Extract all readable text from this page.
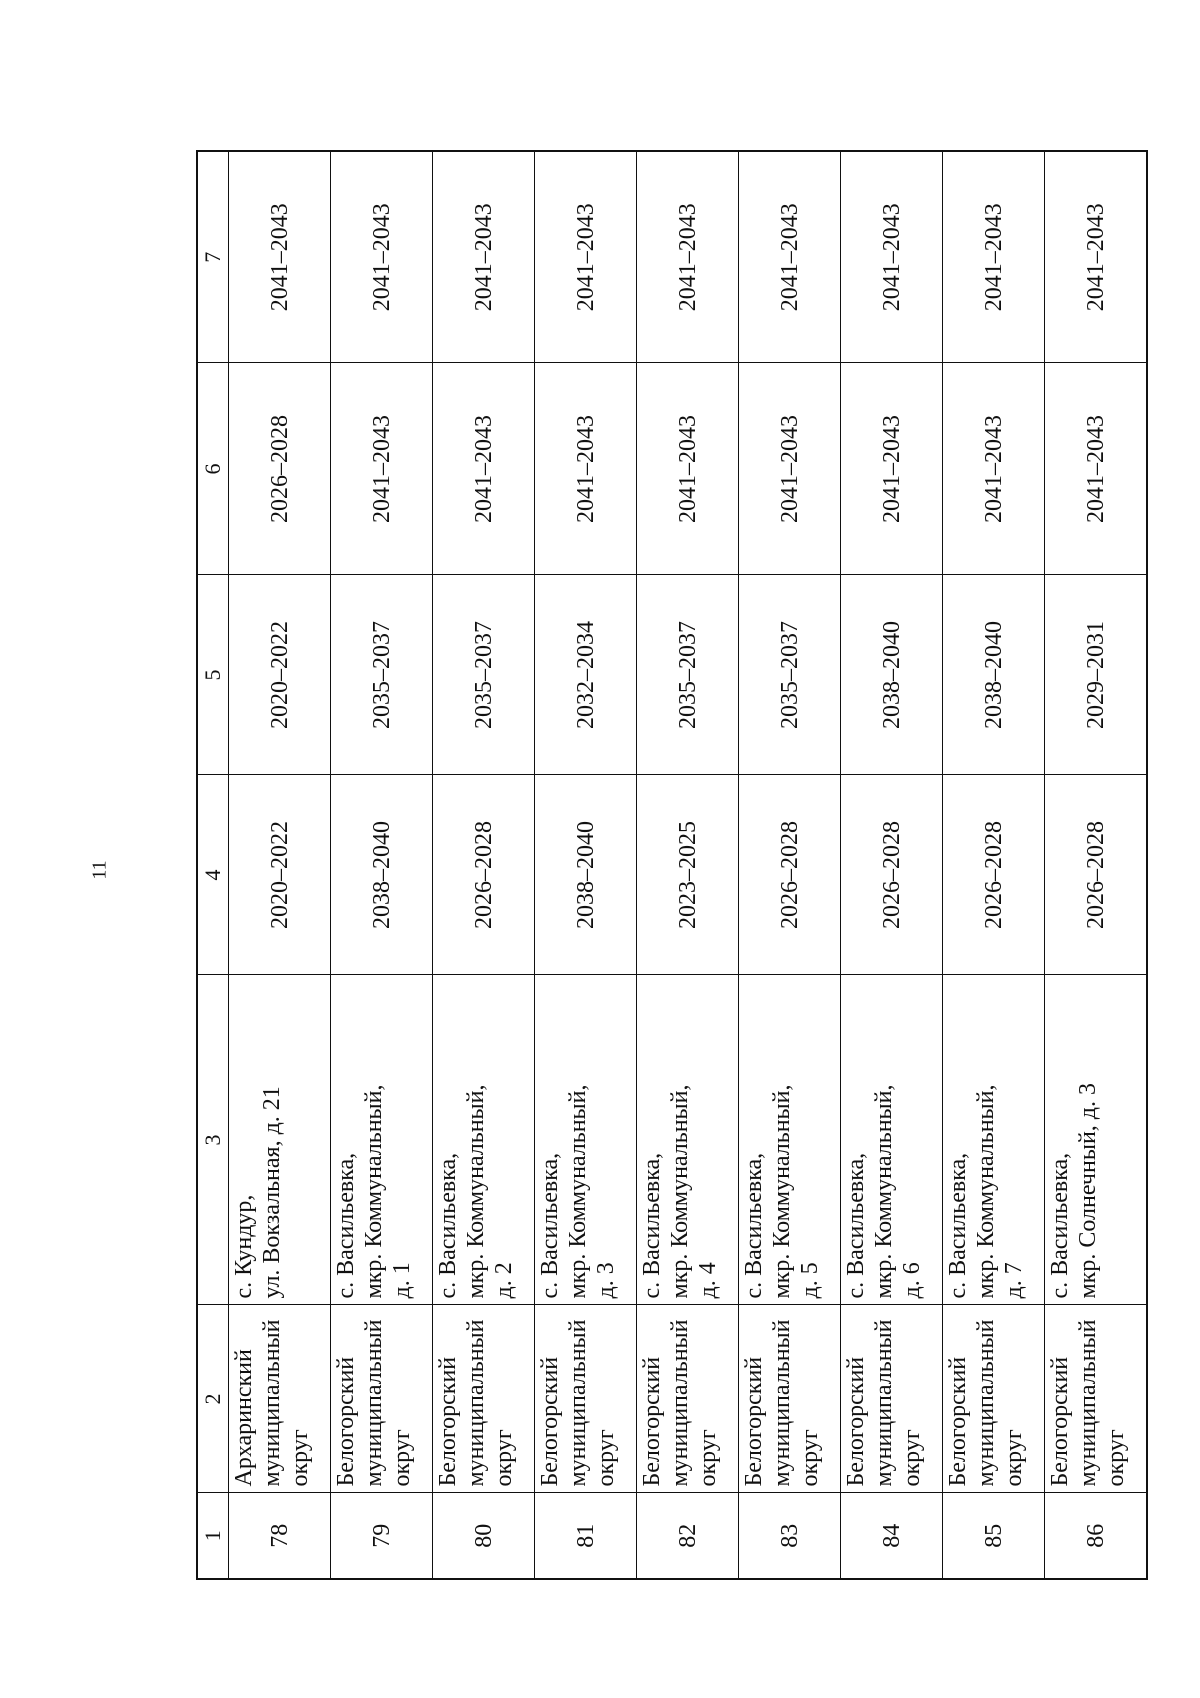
11
1	2	3	4	5	6	7
78	Архаринский муниципальный округ	с. Кундур, ул. Вокзальная, д. 21	2020–2022	2020–2022	2026–2028	2041–2043
79	Белогорский муниципальный округ	с. Васильевка, мкр. Коммунальный, д. 1	2038–2040	2035–2037	2041–2043	2041–2043
80	Белогорский муниципальный округ	с. Васильевка, мкр. Коммунальный, д. 2	2026–2028	2035–2037	2041–2043	2041–2043
81	Белогорский муниципальный округ	с. Васильевка, мкр. Коммунальный, д. 3	2038–2040	2032–2034	2041–2043	2041–2043
82	Белогорский муниципальный округ	с. Васильевка, мкр. Коммунальный, д. 4	2023–2025	2035–2037	2041–2043	2041–2043
83	Белогорский муниципальный округ	с. Васильевка, мкр. Коммунальный, д. 5	2026–2028	2035–2037	2041–2043	2041–2043
84	Белогорский муниципальный округ	с. Васильевка, мкр. Коммунальный, д. 6	2026–2028	2038–2040	2041–2043	2041–2043
85	Белогорский муниципальный округ	с. Васильевка, мкр. Коммунальный, д. 7	2026–2028	2038–2040	2041–2043	2041–2043
86	Белогорский муниципальный округ	с. Васильевка, мкр. Солнечный, д. 3	2026–2028	2029–2031	2041–2043	2041–2043
